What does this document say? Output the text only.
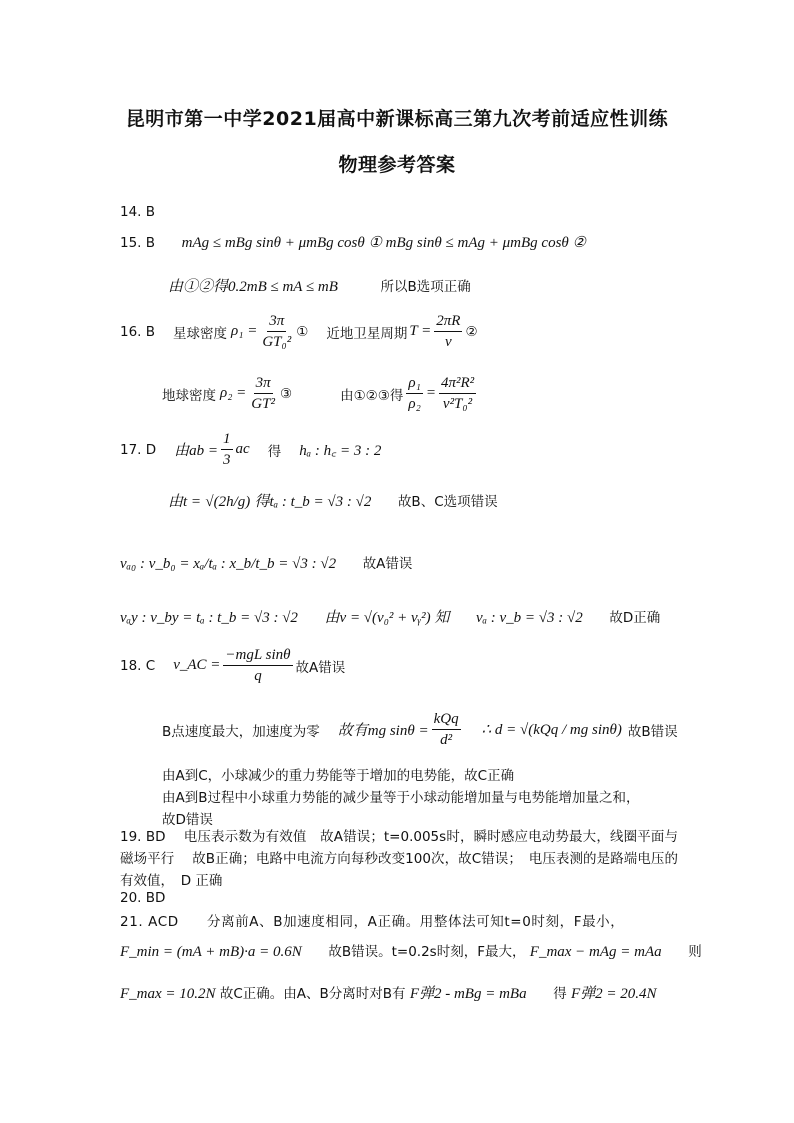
昆明市第一中学2021届高中新课标高三第九次考前适应性训练
物理参考答案
14. B
15. B mAg ≤ mBg sinθ + μmBg cosθ ① mBg sinθ ≤ mAg + μmBg cosθ ②
由①②得0.2mB ≤ mA ≤ mB	所以B选项正确
16. B 星球密度 $\rho_1 = \frac{3\pi}{\text{GT₀²}}$ ① 近地卫星周期 $T = \frac{2\pi R}{v}$ ②
地球密度 $\rho_2 = \frac{3\pi}{\text{GT²}}$ ③	由①②③得 $\frac{\text{ρ₁}}{\text{ρ₂}} = \frac{\text{4π²R²}}{\text{v²T₀²}}$
17. D 由ab = $\frac{1}{3}$ ac 得 hₐ : h꜀ = 3 : 2
由t = √(2h/g) 得tₐ : t_b = √3 : √2 故B、C选项错误
vₐ₀ : v_b₀ = xₐ/tₐ : x_b/t_b = √3 : √2 故A错误
vₐy : v_by = tₐ : t_b = √3 : √2 由v = √(v₀² + vᵧ²) 知 vₐ : v_b = √3 : √2 故D正确
18. C v_AC = $\frac{\text{−mgL sinθ}}{q}$ 故A错误
B点速度最大，加速度为零 故有mg $\sin\theta = \frac{\text{kQq}}{\text{d²}}$ ∴ d = √(kQq / mg sinθ) 故B错误
由A到C，小球减少的重力势能等于增加的电势能，故C正确
由A到B过程中小球重力势能的减少量等于小球动能增加量与电势能增加量之和，
故D错误
19. BD　 电压表示数为有效值　故A错误；t=0.005s时，瞬时感应电动势最大，线圈平面与磁场平行　 故B正确；电路中电流方向每秒改变100次，故C错误；　电压表测的是路端电压的有效值，　D 正确
20. BD
21. ACD　　分离前A、B加速度相同，A正确。用整体法可知t=0时刻，F最小，
F_min = (mA + mB)·a = 0.6N 故B错误。t=0.2s时刻，F最大， F_max − mAg = mAa 则
F_max = 10.2N 故C正确。由A、B分离时对B有 F弹2 - mBg = mBa 得 F弹2 = 20.4N
